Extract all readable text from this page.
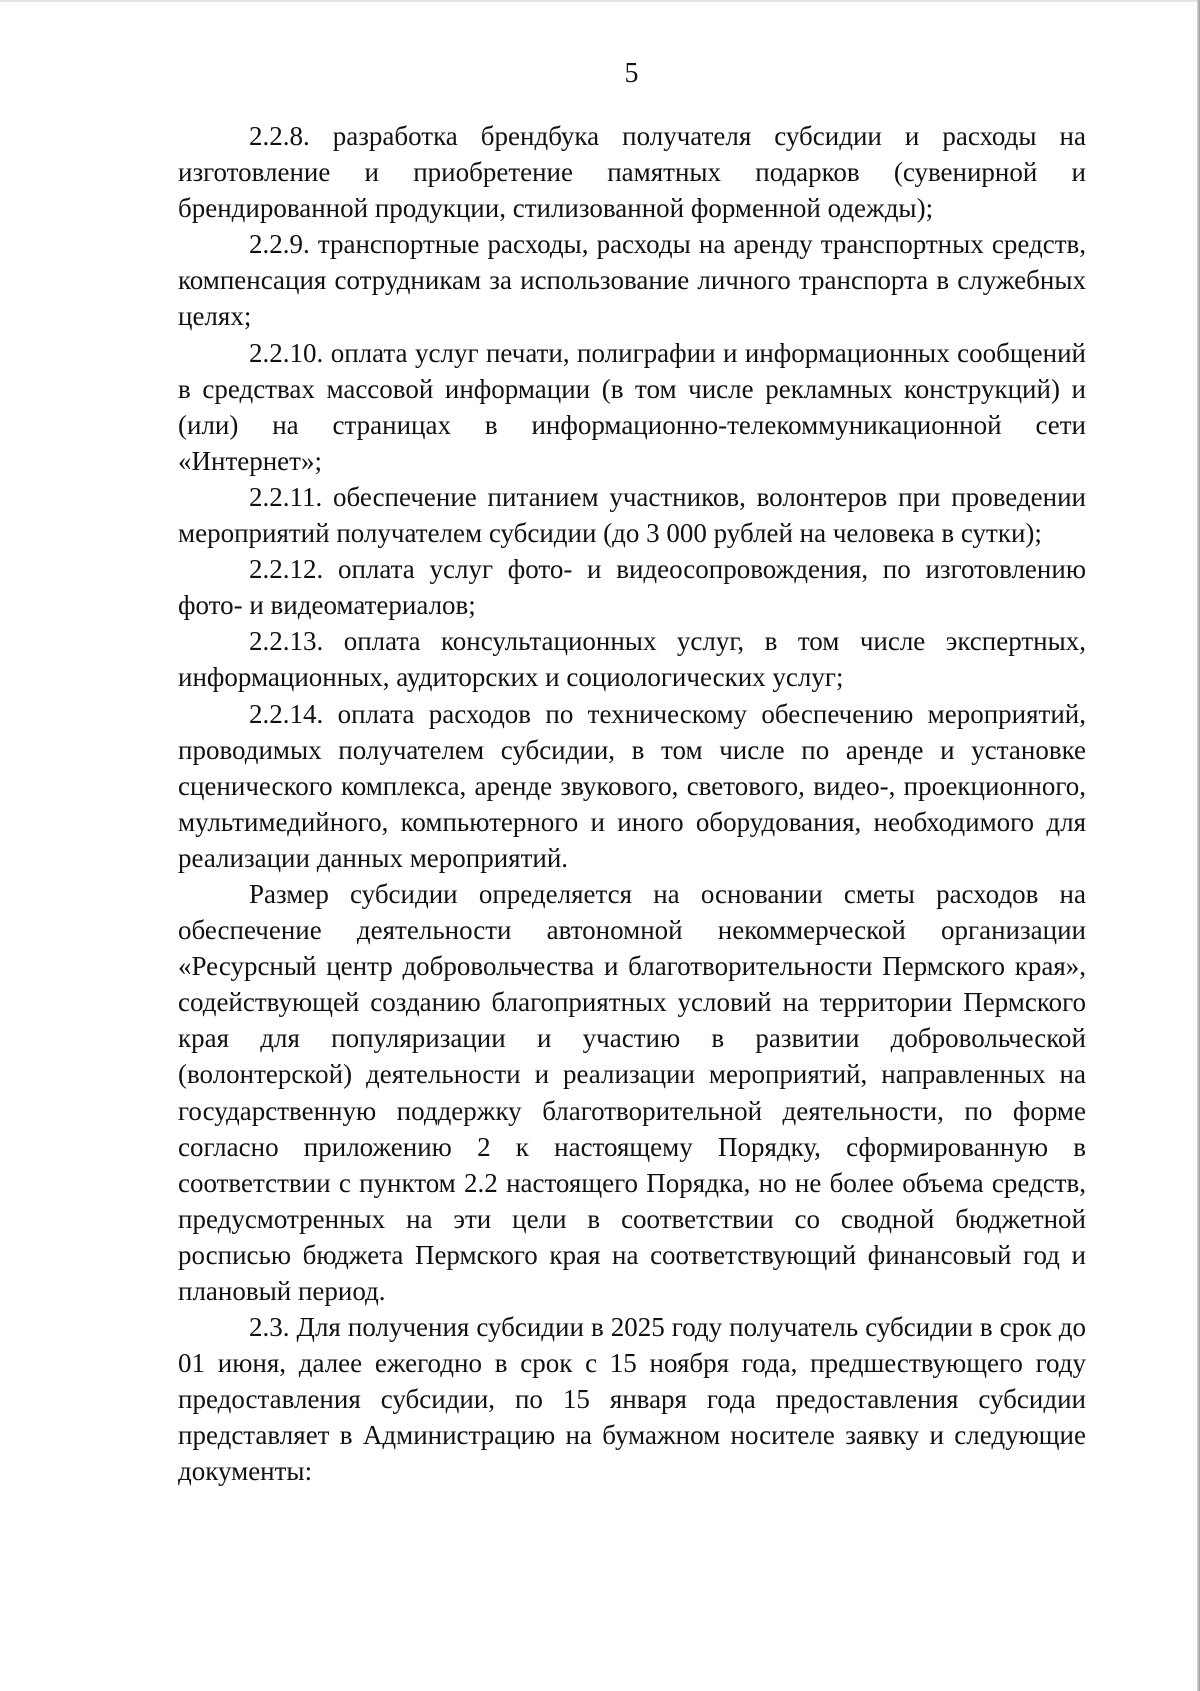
5

2.2.8. разработка брендбука получателя субсидии и расходы на изготовление и приобретение памятных подарков (сувенирной и брендированной продукции, стилизованной форменной одежды);

2.2.9. транспортные расходы, расходы на аренду транспортных средств, компенсация сотрудникам за использование личного транспорта в служебных целях;

2.2.10. оплата услуг печати, полиграфии и информационных сообщений в средствах массовой информации (в том числе рекламных конструкций) и (или) на страницах в информационно-телекоммуникационной сети «Интернет»;

2.2.11. обеспечение питанием участников, волонтеров при проведении мероприятий получателем субсидии (до 3 000 рублей на человека в сутки);

2.2.12. оплата услуг фото- и видеосопровождения, по изготовлению фото- и видеоматериалов;

2.2.13. оплата консультационных услуг, в том числе экспертных, информационных, аудиторских и социологических услуг;

2.2.14. оплата расходов по техническому обеспечению мероприятий, проводимых получателем субсидии, в том числе по аренде и установке сценического комплекса, аренде звукового, светового, видео-, проекционного, мультимедийного, компьютерного и иного оборудования, необходимого для реализации данных мероприятий.

Размер субсидии определяется на основании сметы расходов на обеспечение деятельности автономной некоммерческой организации «Ресурсный центр добровольчества и благотворительности Пермского края», содействующей созданию благоприятных условий на территории Пермского края для популяризации и участию в развитии добровольческой (волонтерской) деятельности и реализации мероприятий, направленных на государственную поддержку благотворительной деятельности, по форме согласно приложению 2 к настоящему Порядку, сформированную в соответствии с пунктом 2.2 настоящего Порядка, но не более объема средств, предусмотренных на эти цели в соответствии со сводной бюджетной росписью бюджета Пермского края на соответствующий финансовый год и плановый период.

2.3. Для получения субсидии в 2025 году получатель субсидии в срок до 01 июня, далее ежегодно в срок с 15 ноября года, предшествующего году предоставления субсидии, по 15 января года предоставления субсидии представляет в Администрацию на бумажном носителе заявку и следующие документы:
